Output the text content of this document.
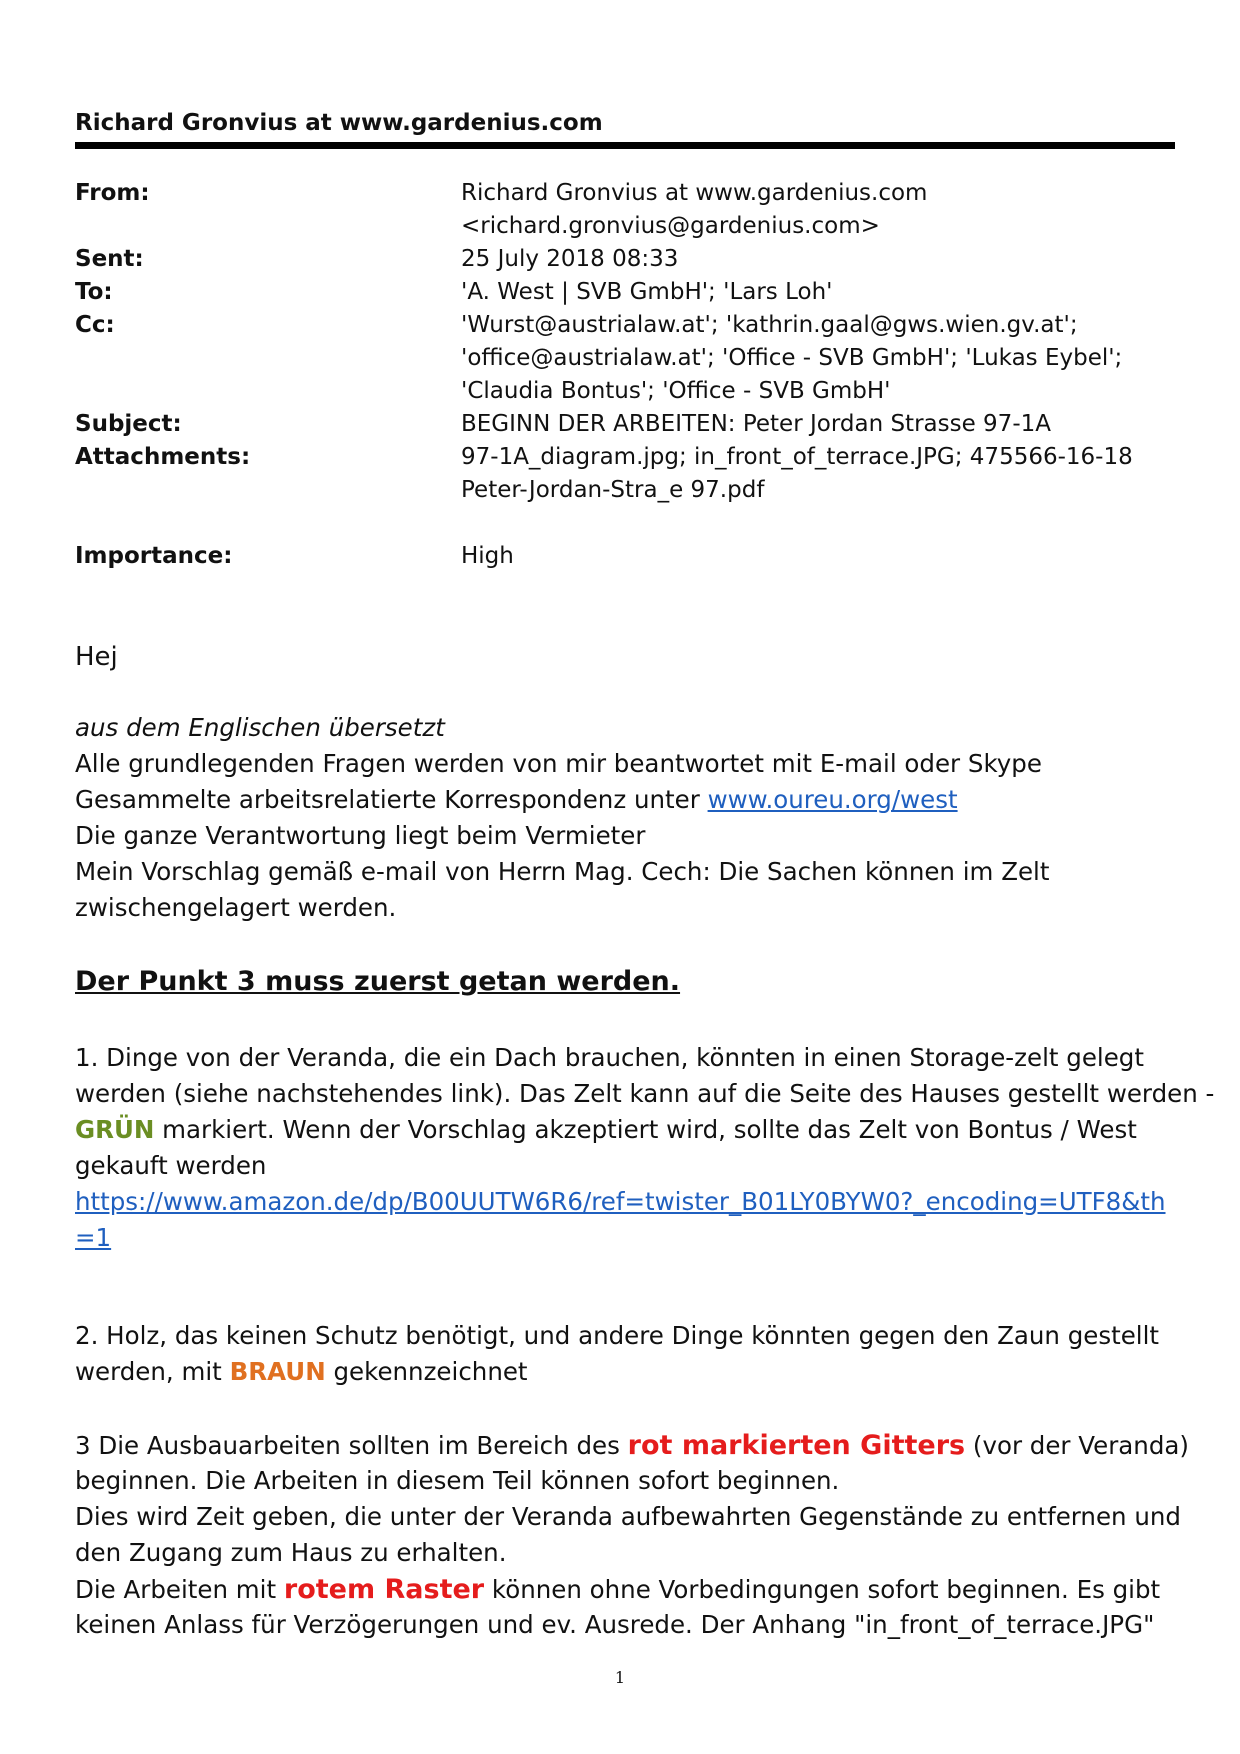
Richard Gronvius at www.gardenius.com
From:	Richard Gronvius at www.gardenius.com
<richard.gronvius@gardenius.com>
Sent:	25 July 2018 08:33
To:	'A. West | SVB GmbH'; 'Lars Loh'
Cc:	'Wurst@austrialaw.at'; 'kathrin.gaal@gws.wien.gv.at';
'office@austrialaw.at'; 'Office - SVB GmbH'; 'Lukas Eybel';
'Claudia Bontus'; 'Office - SVB GmbH'
Subject:	BEGINN DER ARBEITEN: Peter Jordan Strasse 97-1A
Attachments:	97-1A_diagram.jpg; in_front_of_terrace.JPG; 475566-16-18
Peter-Jordan-Stra_e 97.pdf
Importance:	High
Hej
aus dem Englischen übersetzt
Alle grundlegenden Fragen werden von mir beantwortet mit E-mail oder Skype
Gesammelte arbeitsrelatierte Korrespondenz unter www.oureu.org/west
Die ganze Verantwortung liegt beim Vermieter
Mein Vorschlag gemäß e-mail von Herrn Mag. Cech: Die Sachen können im Zelt
zwischengelagert werden.
Der Punkt 3 muss zuerst getan werden.
1. Dinge von der Veranda, die ein Dach brauchen, könnten in einen Storage-zelt gelegt
werden (siehe nachstehendes link). Das Zelt kann auf die Seite des Hauses gestellt werden -
GRÜN markiert. Wenn der Vorschlag akzeptiert wird, sollte das Zelt von Bontus / West
gekauft werden
https://www.amazon.de/dp/B00UUTW6R6/ref=twister_B01LY0BYW0?_encoding=UTF8&th
=1
2. Holz, das keinen Schutz benötigt, und andere Dinge könnten gegen den Zaun gestellt
werden, mit BRAUN gekennzeichnet
3 Die Ausbauarbeiten sollten im Bereich des rot markierten Gitters (vor der Veranda)
beginnen. Die Arbeiten in diesem Teil können sofort beginnen.
Dies wird Zeit geben, die unter der Veranda aufbewahrten Gegenstände zu entfernen und
den Zugang zum Haus zu erhalten.
Die Arbeiten mit rotem Raster können ohne Vorbedingungen sofort beginnen. Es gibt
keinen Anlass für Verzögerungen und ev. Ausrede. Der Anhang "in_front_of_terrace.JPG"
1
